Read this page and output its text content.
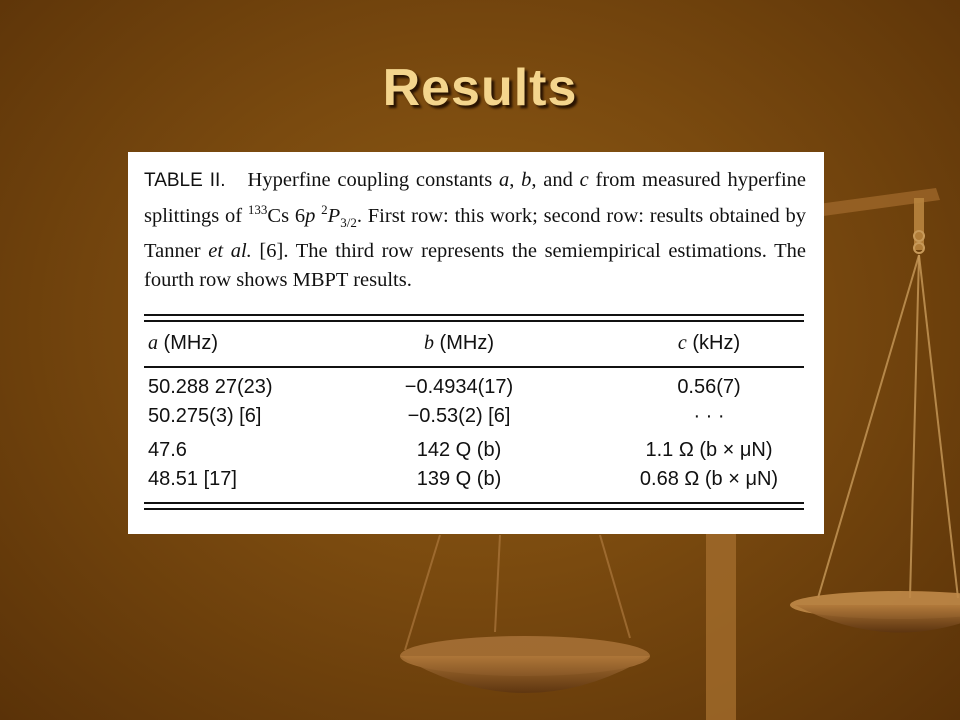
Results
TABLE II. Hyperfine coupling constants a, b, and c from measured hyperfine splittings of $^{133}$Cs 6p $^2P_{3/2}$. First row: this work; second row: results obtained by Tanner et al. [6]. The third row represents the semiempirical estimations. The fourth row shows MBPT results.
a (MHz)	b (MHz)	c (kHz)
50.288 27(23)	−0.4934(17)	0.56(7)
50.275(3) [6]	−0.53(2) [6]	· · ·
47.6	142 Q (b)	1.1 Ω (b × μN)
48.51 [17]	139 Q (b)	0.68 Ω (b × μN)
